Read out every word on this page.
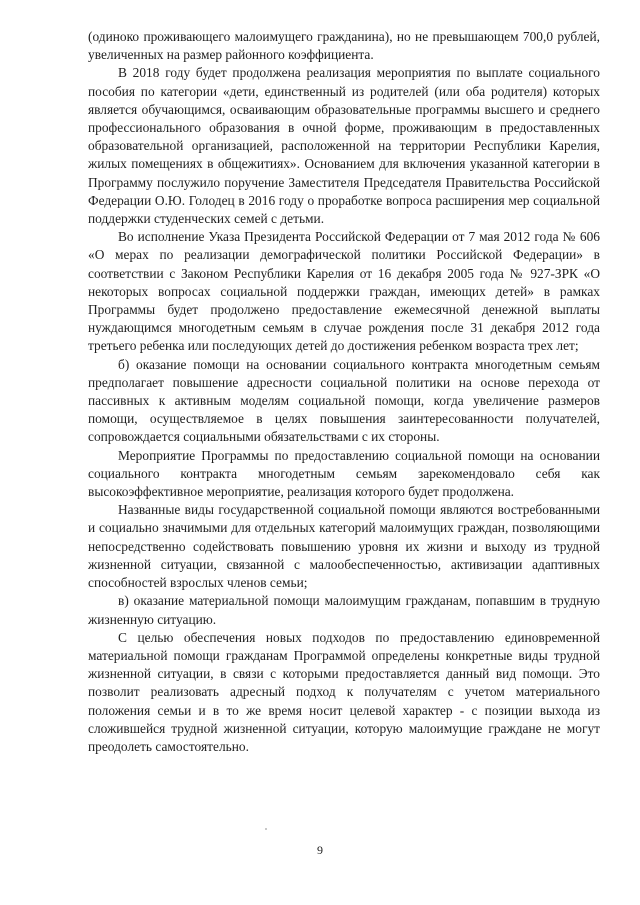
(одиноко проживающего малоимущего гражданина), но не превышающем 700,0 рублей, увеличенных на размер районного коэффициента.

В 2018 году будет продолжена реализация мероприятия по выплате социального пособия по категории «дети, единственный из родителей (или оба родителя) которых является обучающимся, осваивающим образовательные программы высшего и среднего профессионального образования в очной форме, проживающим в предоставленных образовательной организацией, расположенной на территории Республики Карелия, жилых помещениях в общежитиях». Основанием для включения указанной категории в Программу послужило поручение Заместителя Председателя Правительства Российской Федерации О.Ю. Голодец в 2016 году о проработке вопроса расширения мер социальной поддержки студенческих семей с детьми.

Во исполнение Указа Президента Российской Федерации от 7 мая 2012 года № 606 «О мерах по реализации демографической политики Российской Федерации» в соответствии с Законом Республики Карелия от 16 декабря 2005 года № 927-ЗРК «О некоторых вопросах социальной поддержки граждан, имеющих детей» в рамках Программы будет продолжено предоставление ежемесячной денежной выплаты нуждающимся многодетным семьям в случае рождения после 31 декабря 2012 года третьего ребенка или последующих детей до достижения ребенком возраста трех лет;

б) оказание помощи на основании социального контракта многодетным семьям предполагает повышение адресности социальной политики на основе перехода от пассивных к активным моделям социальной помощи, когда увеличение размеров помощи, осуществляемое в целях повышения заинтересованности получателей, сопровождается социальными обязательствами с их стороны.

Мероприятие Программы по предоставлению социальной помощи на основании социального контракта многодетным семьям зарекомендовало себя как высокоэффективное мероприятие, реализация которого будет продолжена.

Названные виды государственной социальной помощи являются востребованными и социально значимыми для отдельных категорий малоимущих граждан, позволяющими непосредственно содействовать повышению уровня их жизни и выходу из трудной жизненной ситуации, связанной с малообеспеченностью, активизации адаптивных способностей взрослых членов семьи;

в) оказание материальной помощи малоимущим гражданам, попавшим в трудную жизненную ситуацию.

С целью обеспечения новых подходов по предоставлению единовременной материальной помощи гражданам Программой определены конкретные виды трудной жизненной ситуации, в связи с которыми предоставляется данный вид помощи. Это позволит реализовать адресный подход к получателям с учетом материального положения семьи и в то же время носит целевой характер - с позиции выхода из сложившейся трудной жизненной ситуации, которую малоимущие граждане не могут преодолеть самостоятельно.

9
